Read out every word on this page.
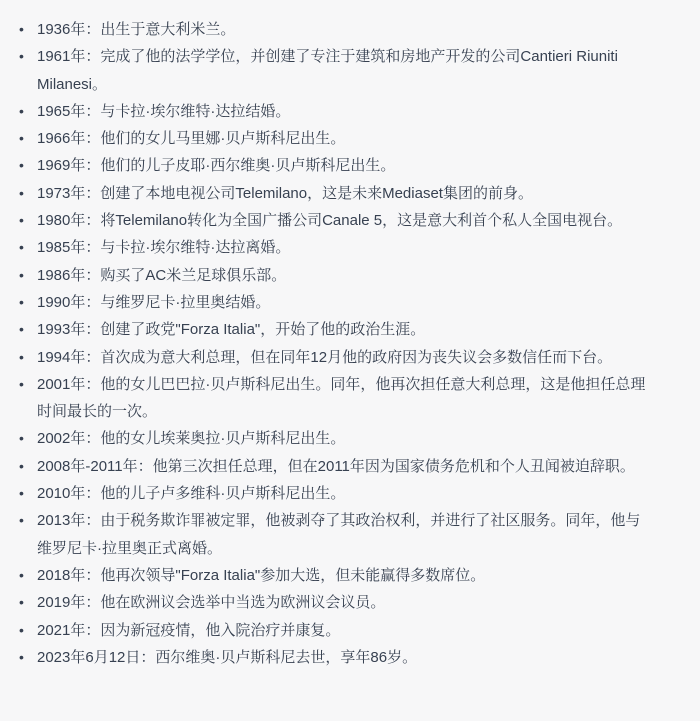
• 1936年：出生于意大利米兰。
• 1961年：完成了他的法学学位，并创建了专注于建筑和房地产开发的公司Cantieri Riuniti Milanesi。
• 1965年：与卡拉·埃尔维特·达拉结婚。
• 1966年：他们的女儿马里娜·贝卢斯科尼出生。
• 1969年：他们的儿子皮耶·西尔维奥·贝卢斯科尼出生。
• 1973年：创建了本地电视公司Telemilano，这是未来Mediaset集团的前身。
• 1980年：将Telemilano转化为全国广播公司Canale 5，这是意大利首个私人全国电视台。
• 1985年：与卡拉·埃尔维特·达拉离婚。
• 1986年：购买了AC米兰足球俱乐部。
• 1990年：与维罗尼卡·拉里奥结婚。
• 1993年：创建了政党"Forza Italia"，开始了他的政治生涯。
• 1994年：首次成为意大利总理，但在同年12月他的政府因为丧失议会多数信任而下台。
• 2001年：他的女儿巴巴拉·贝卢斯科尼出生。同年，他再次担任意大利总理，这是他担任总理时间最长的一次。
• 2002年：他的女儿埃莱奥拉·贝卢斯科尼出生。
• 2008年-2011年：他第三次担任总理，但在2011年因为国家债务危机和个人丑闻被迫辞职。
• 2010年：他的儿子卢多维科·贝卢斯科尼出生。
• 2013年：由于税务欺诈罪被定罪，他被剥夺了其政治权利，并进行了社区服务。同年，他与维罗尼卡·拉里奥正式离婚。
• 2018年：他再次领导"Forza Italia"参加大选，但未能赢得多数席位。
• 2019年：他在欧洲议会选举中当选为欧洲议会议员。
• 2021年：因为新冠疫情，他入院治疗并康复。
• 2023年6月12日：西尔维奥·贝卢斯科尼去世，享年86岁。
